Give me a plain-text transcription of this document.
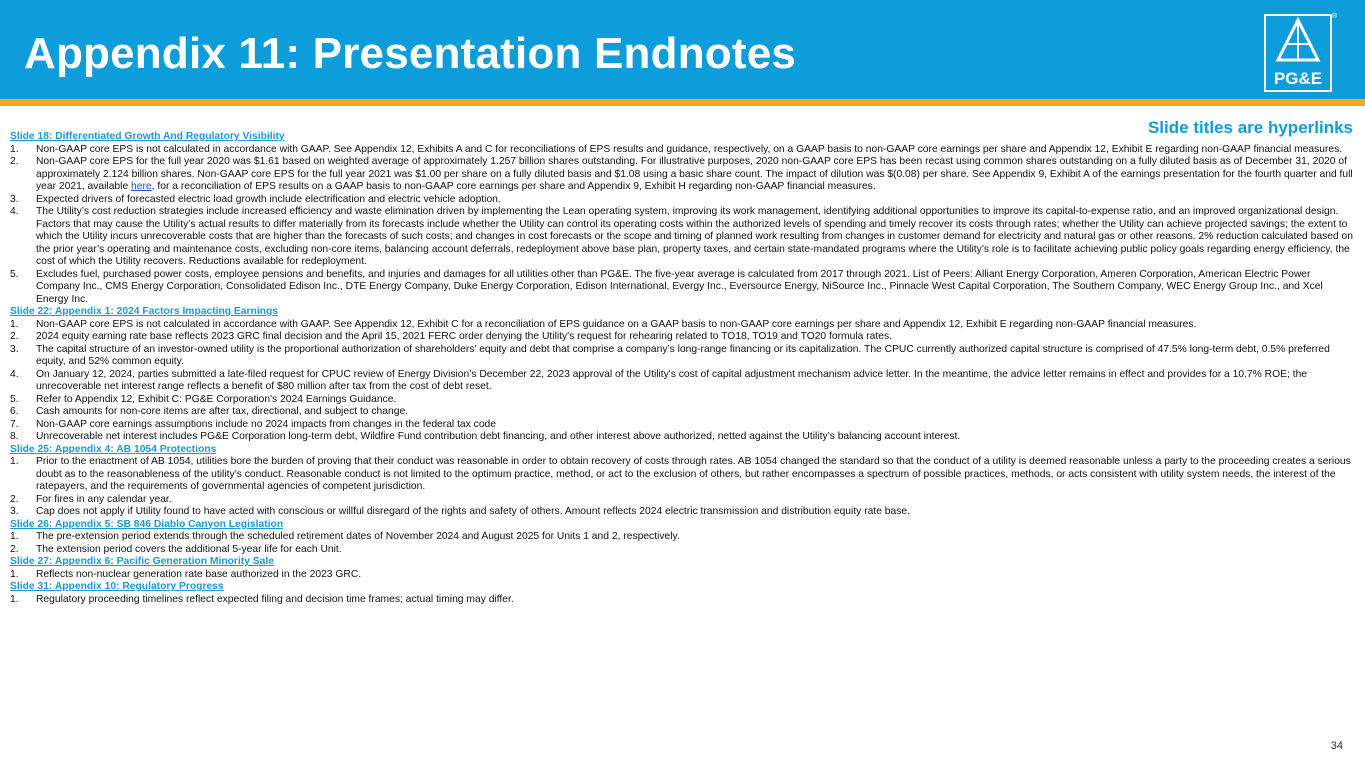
Appendix 11: Presentation Endnotes
PG&E
®
Slide titles are hyperlinks
Slide 18: Differentiated Growth And Regulatory Visibility
1. Non-GAAP core EPS is not calculated in accordance with GAAP. See Appendix 12, Exhibits A and C for reconciliations of EPS results and guidance, respectively, on a GAAP basis to non-GAAP core earnings per share and Appendix 12, Exhibit E regarding non-GAAP financial measures.
2. Non-GAAP core EPS for the full year 2020 was $1.61 based on weighted average of approximately 1.257 billion shares outstanding. For illustrative purposes, 2020 non-GAAP core EPS has been recast using common shares outstanding on a fully diluted basis as of December 31, 2020 of approximately 2.124 billion shares. Non-GAAP core EPS for the full year 2021 was $1.00 per share on a fully diluted basis and $1.08 using a basic share count. The impact of dilution was $(0.08) per share. See Appendix 9, Exhibit A of the earnings presentation for the fourth quarter and full year 2021, available here, for a reconciliation of EPS results on a GAAP basis to non-GAAP core earnings per share and Appendix 9, Exhibit H regarding non-GAAP financial measures.
3. Expected drivers of forecasted electric load growth include electrification and electric vehicle adoption.
4. The Utility’s cost reduction strategies include increased efficiency and waste elimination driven by implementing the Lean operating system, improving its work management, identifying additional opportunities to improve its capital-to-expense ratio, and an improved organizational design. Factors that may cause the Utility’s actual results to differ materially from its forecasts include whether the Utility can control its operating costs within the authorized levels of spending and timely recover its costs through rates; whether the Utility can achieve projected savings; the extent to which the Utility incurs unrecoverable costs that are higher than the forecasts of such costs; and changes in cost forecasts or the scope and timing of planned work resulting from changes in customer demand for electricity and natural gas or other reasons. 2% reduction calculated based on the prior year’s operating and maintenance costs, excluding non-core items, balancing account deferrals, redeployment above base plan, property taxes, and certain state-mandated programs where the Utility’s role is to facilitate achieving public policy goals regarding energy efficiency, the cost of which the Utility recovers. Reductions available for redeployment.
5. Excludes fuel, purchased power costs, employee pensions and benefits, and injuries and damages for all utilities other than PG&E. The five-year average is calculated from 2017 through 2021. List of Peers: Alliant Energy Corporation, Ameren Corporation, American Electric Power Company Inc., CMS Energy Corporation, Consolidated Edison Inc., DTE Energy Company, Duke Energy Corporation, Edison International, Evergy Inc., Eversource Energy, NiSource Inc., Pinnacle West Capital Corporation, The Southern Company, WEC Energy Group Inc., and Xcel Energy Inc.
Slide 22: Appendix 1: 2024 Factors Impacting Earnings
1. Non-GAAP core EPS is not calculated in accordance with GAAP. See Appendix 12, Exhibit C for a reconciliation of EPS guidance on a GAAP basis to non-GAAP core earnings per share and Appendix 12, Exhibit E regarding non-GAAP financial measures.
2. 2024 equity earning rate base reflects 2023 GRC final decision and the April 15, 2021 FERC order denying the Utility's request for rehearing related to TO18, TO19 and TO20 formula rates.
3. The capital structure of an investor-owned utility is the proportional authorization of shareholders’ equity and debt that comprise a company’s long-range financing or its capitalization. The CPUC currently authorized capital structure is comprised of 47.5% long-term debt, 0.5% preferred equity, and 52% common equity.
4. On January 12, 2024, parties submitted a late-filed request for CPUC review of Energy Division’s December 22, 2023 approval of the Utility's cost of capital adjustment mechanism advice letter. In the meantime, the advice letter remains in effect and provides for a 10.7% ROE; the unrecoverable net interest range reflects a benefit of $80 million after tax from the cost of debt reset.
5. Refer to Appendix 12, Exhibit C: PG&E Corporation's 2024 Earnings Guidance.
6. Cash amounts for non-core items are after tax, directional, and subject to change.
7. Non-GAAP core earnings assumptions include no 2024 impacts from changes in the federal tax code
8. Unrecoverable net interest includes PG&E Corporation long-term debt, Wildfire Fund contribution debt financing, and other interest above authorized, netted against the Utility’s balancing account interest.
Slide 25: Appendix 4: AB 1054 Protections
1. Prior to the enactment of AB 1054, utilities bore the burden of proving that their conduct was reasonable in order to obtain recovery of costs through rates. AB 1054 changed the standard so that the conduct of a utility is deemed reasonable unless a party to the proceeding creates a serious doubt as to the reasonableness of the utility’s conduct. Reasonable conduct is not limited to the optimum practice, method, or act to the exclusion of others, but rather encompasses a spectrum of possible practices, methods, or acts consistent with utility system needs, the interest of the ratepayers, and the requirements of governmental agencies of competent jurisdiction.
2. For fires in any calendar year.
3. Cap does not apply if Utility found to have acted with conscious or willful disregard of the rights and safety of others. Amount reflects 2024 electric transmission and distribution equity rate base.
Slide 26: Appendix 5: SB 846 Diablo Canyon Legislation
1. The pre-extension period extends through the scheduled retirement dates of November 2024 and August 2025 for Units 1 and 2, respectively.
2. The extension period covers the additional 5-year life for each Unit.
Slide 27: Appendix 6: Pacific Generation Minority Sale
1. Reflects non-nuclear generation rate base authorized in the 2023 GRC.
Slide 31: Appendix 10: Regulatory Progress
1. Regulatory proceeding timelines reflect expected filing and decision time frames; actual timing may differ.
34
